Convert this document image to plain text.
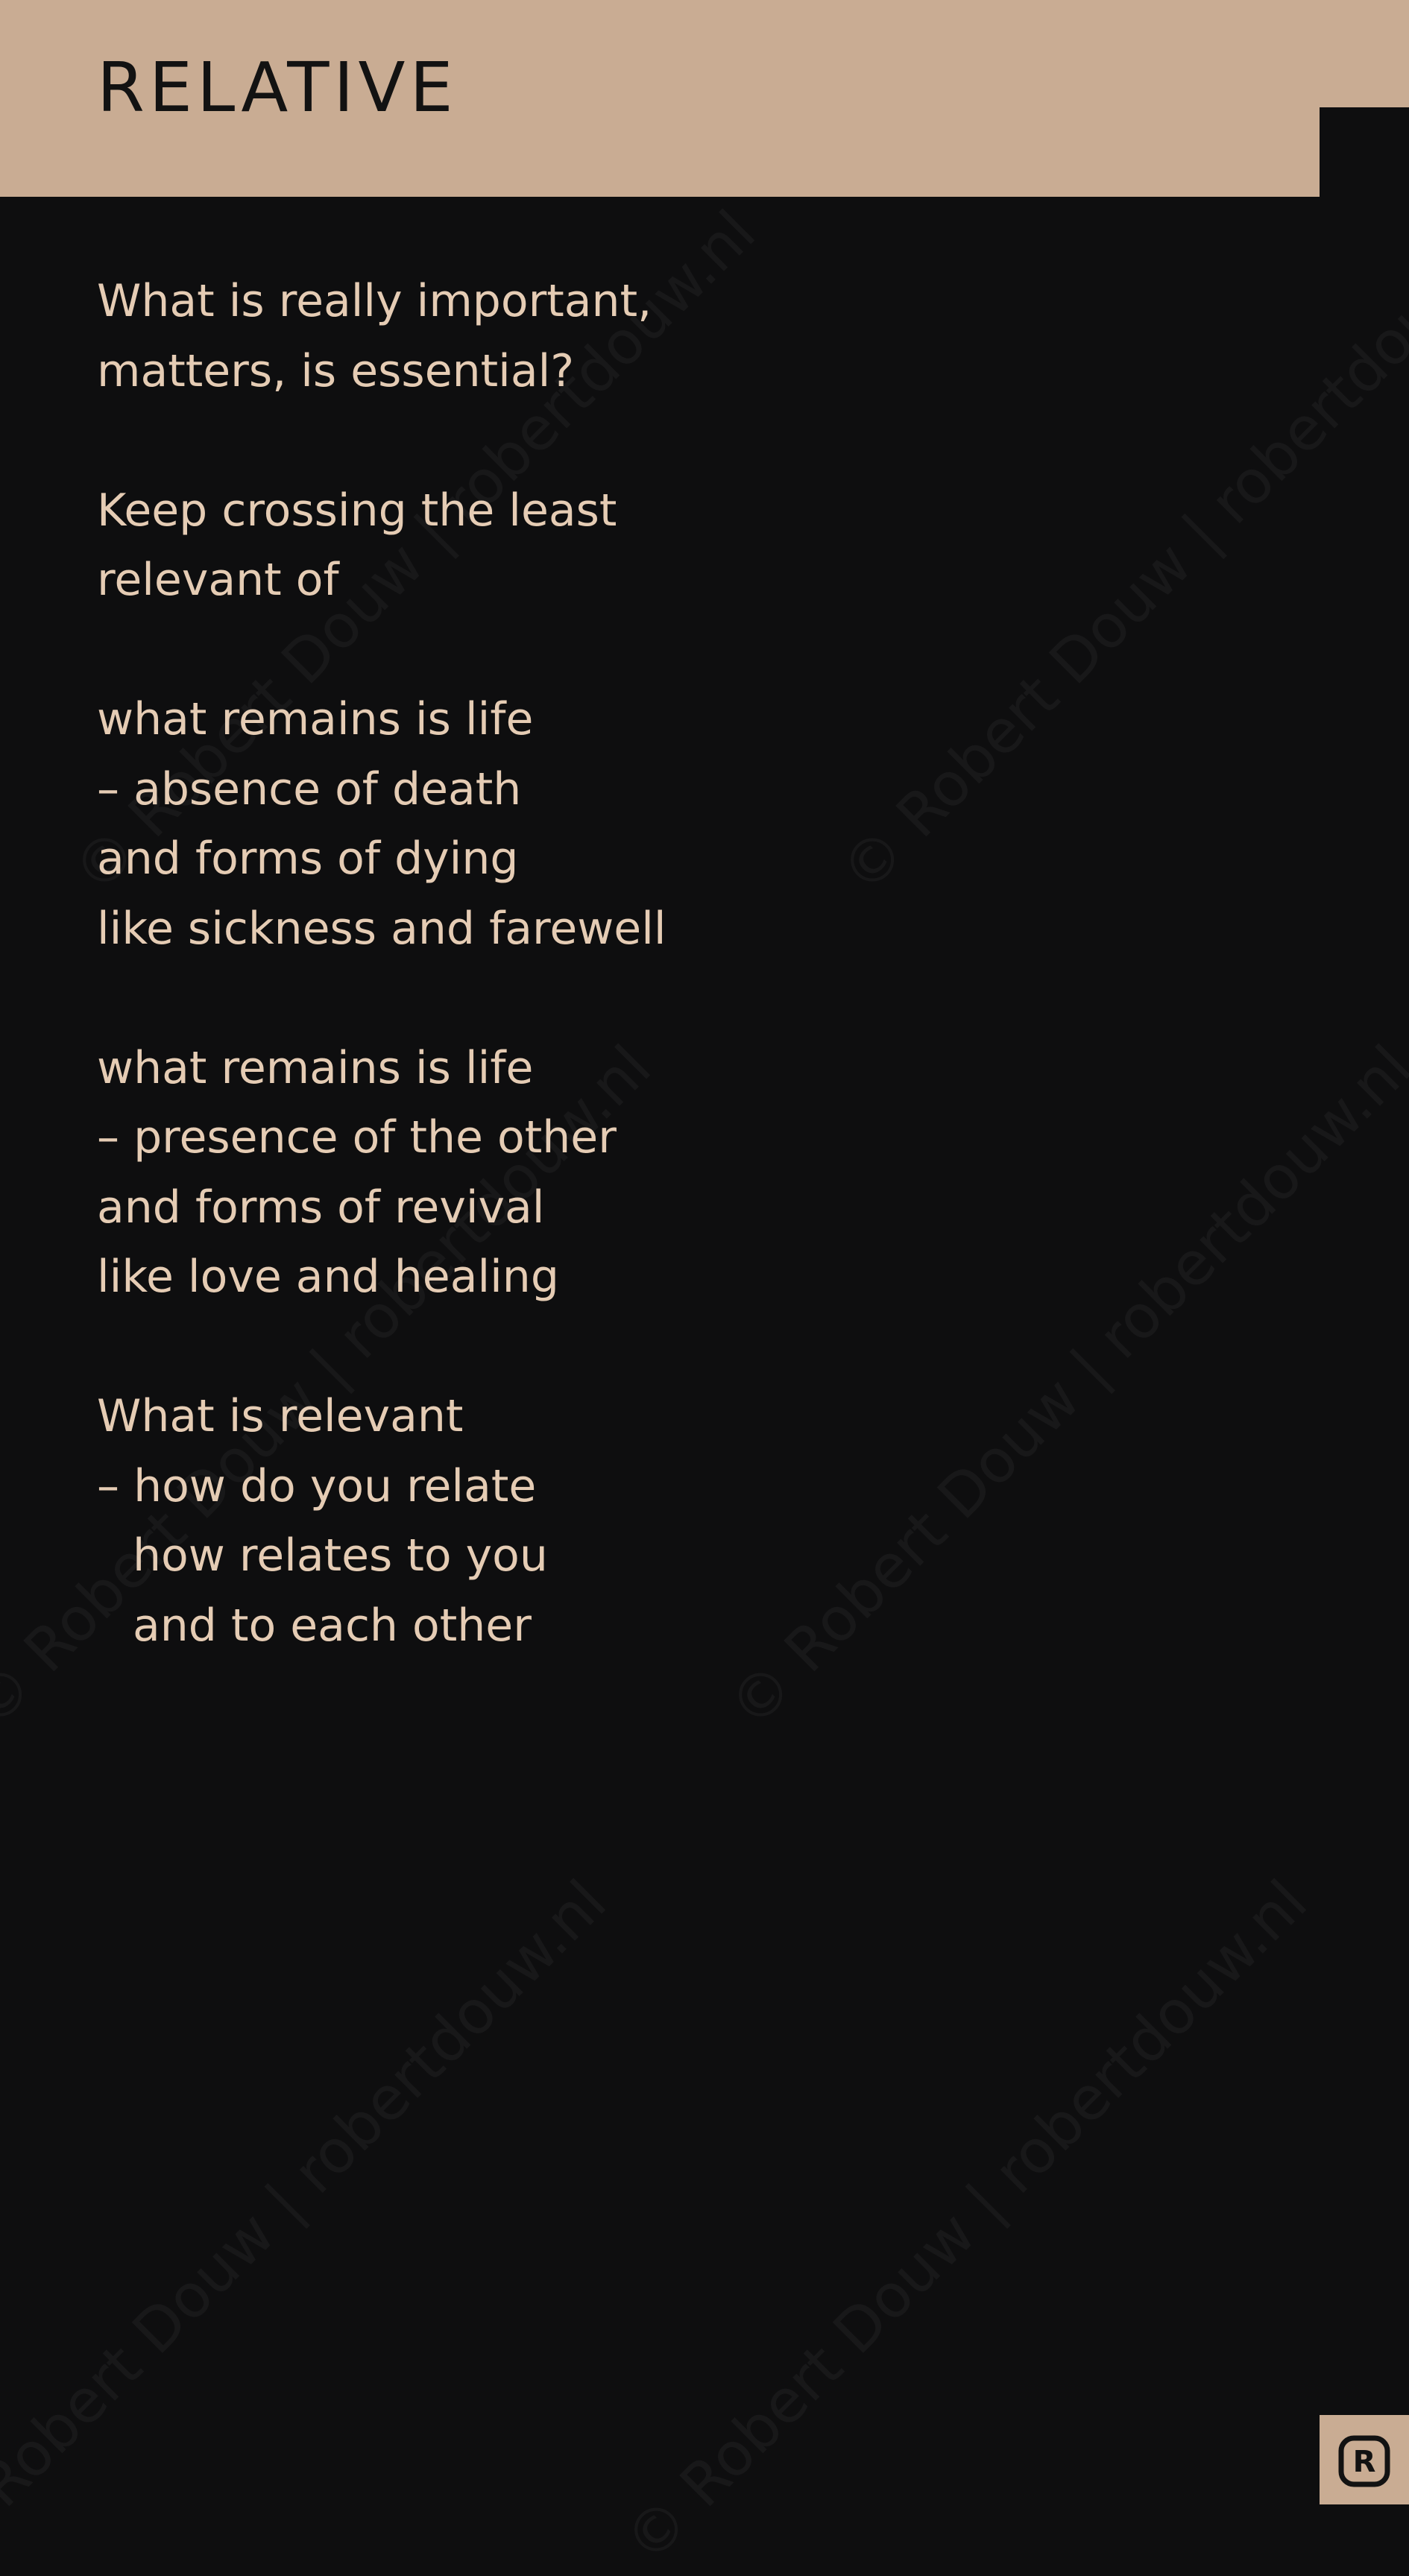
RELATIVE
What is really important,
matters, is essential?
Keep crossing the least
relevant of
what remains is life
– absence of death
and forms of dying
like sickness and farewell
what remains is life
– presence of the other
and forms of revival
like love and healing
What is relevant
– how do you relate
how relates to you
and to each other
R
